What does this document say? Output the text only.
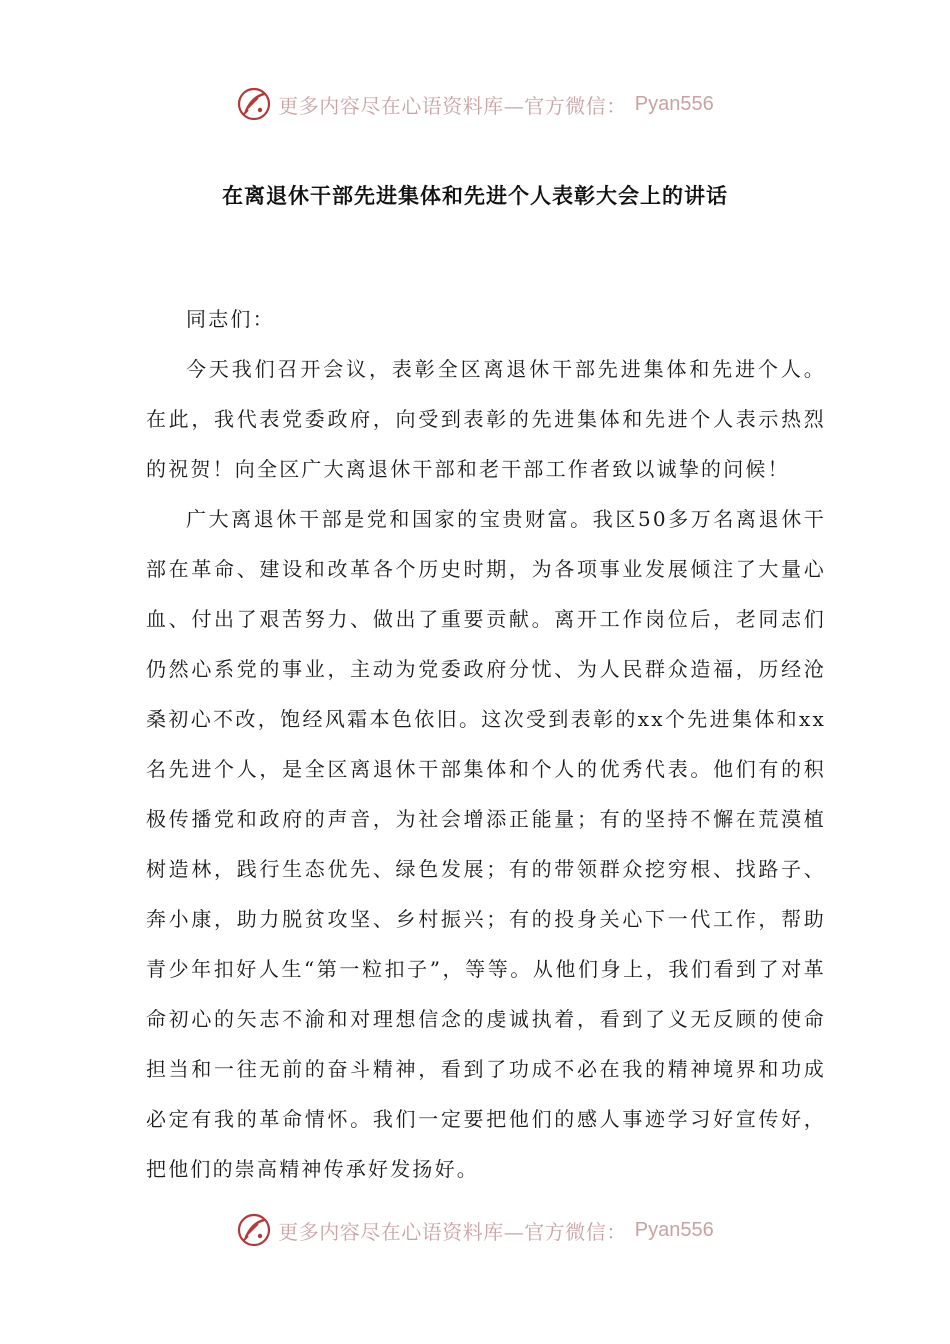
更多内容尽在心语资料库—官方微信： Pyan556
在离退休干部先进集体和先进个人表彰大会上的讲话

同志们：

今天我们召开会议，表彰全区离退休干部先进集体和先进个人。在此，我代表党委政府，向受到表彰的先进集体和先进个人表示热烈的祝贺！向全区广大离退休干部和老干部工作者致以诚挚的问候！

广大离退休干部是党和国家的宝贵财富。我区50多万名离退休干部在革命、建设和改革各个历史时期，为各项事业发展倾注了大量心血、付出了艰苦努力、做出了重要贡献。离开工作岗位后，老同志们仍然心系党的事业，主动为党委政府分忧、为人民群众造福，历经沧桑初心不改，饱经风霜本色依旧。这次受到表彰的xx个先进集体和xx名先进个人，是全区离退休干部集体和个人的优秀代表。他们有的积极传播党和政府的声音，为社会增添正能量；有的坚持不懈在荒漠植树造林，践行生态优先、绿色发展；有的带领群众挖穷根、找路子、奔小康，助力脱贫攻坚、乡村振兴；有的投身关心下一代工作，帮助青少年扣好人生“第一粒扣子”，等等。从他们身上，我们看到了对革命初心的矢志不渝和对理想信念的虔诚执着，看到了义无反顾的使命担当和一往无前的奋斗精神，看到了功成不必在我的精神境界和功成必定有我的革命情怀。我们一定要把他们的感人事迹学习好宣传好，把他们的崇高精神传承好发扬好。

更多内容尽在心语资料库—官方微信： Pyan556
